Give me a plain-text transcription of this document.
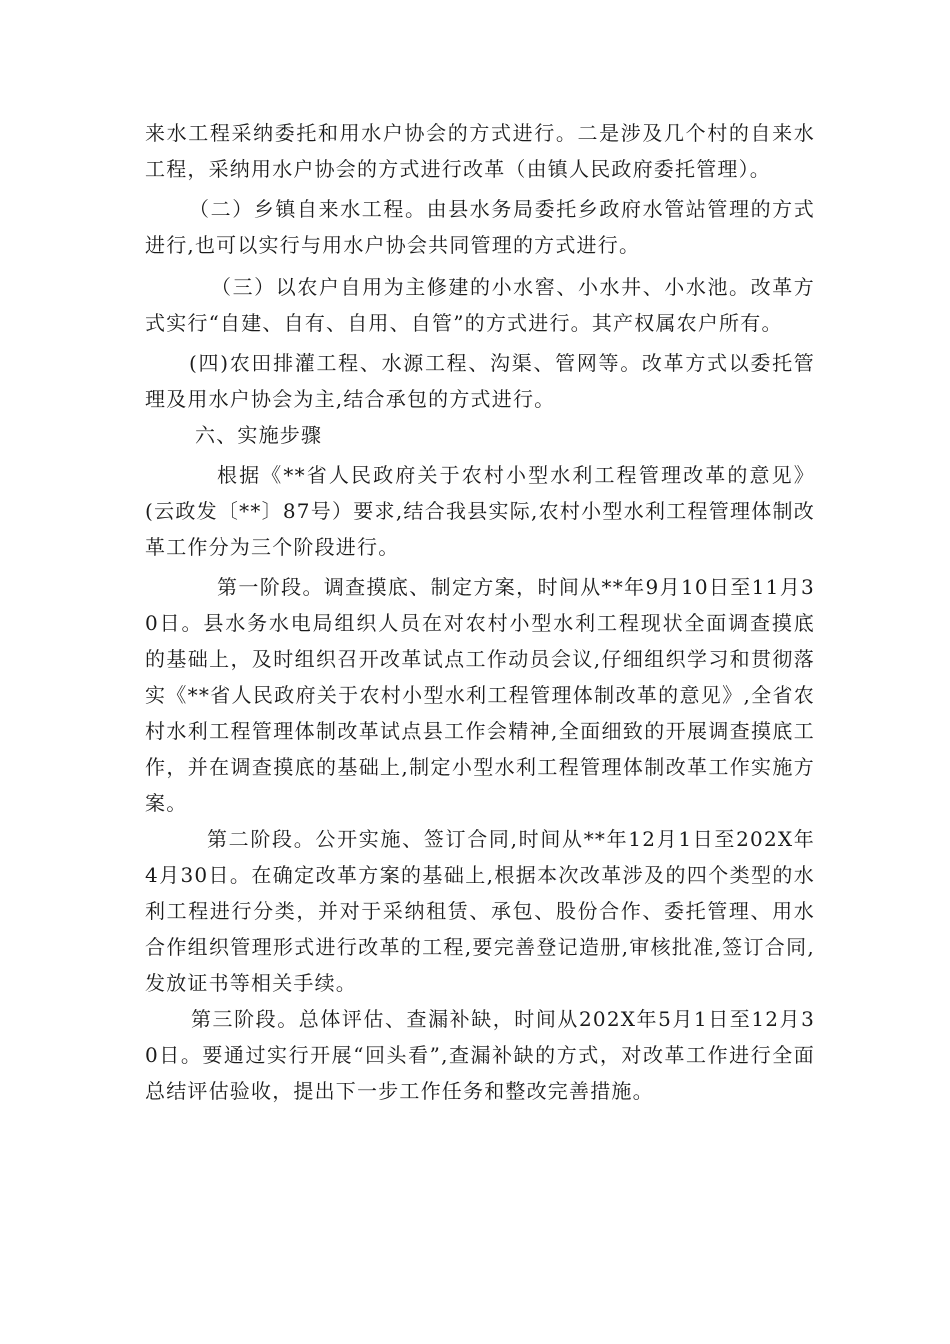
来水工程采纳委托和用水户协会的方式进行。二是涉及几个村的自来水工程，采纳用水户协会的方式进行改革（由镇人民政府委托管理）。

（二）乡镇自来水工程。由县水务局委托乡政府水管站管理的方式进行,也可以实行与用水户协会共同管理的方式进行。

（三）以农户自用为主修建的小水窖、小水井、小水池。改革方式实行“自建、自有、自用、自管”的方式进行。其产权属农户所有。

(四)农田排灌工程、水源工程、沟渠、管网等。改革方式以委托管理及用水户协会为主,结合承包的方式进行。

六、实施步骤

根据《**省人民政府关于农村小型水利工程管理改革的意见》(云政发〔**〕87号）要求,结合我县实际,农村小型水利工程管理体制改革工作分为三个阶段进行。

第一阶段。调查摸底、制定方案，时间从**年9月10日至11月30日。县水务水电局组织人员在对农村小型水利工程现状全面调查摸底的基础上，及时组织召开改革试点工作动员会议,仔细组织学习和贯彻落实《**省人民政府关于农村小型水利工程管理体制改革的意见》,全省农村水利工程管理体制改革试点县工作会精神,全面细致的开展调查摸底工作，并在调查摸底的基础上,制定小型水利工程管理体制改革工作实施方案。

第二阶段。公开实施、签订合同,时间从**年12月1日至202X年4月30日。在确定改革方案的基础上,根据本次改革涉及的四个类型的水利工程进行分类，并对于采纳租赁、承包、股份合作、委托管理、用水合作组织管理形式进行改革的工程,要完善登记造册,审核批准,签订合同,发放证书等相关手续。

第三阶段。总体评估、查漏补缺，时间从202X年5月1日至12月30日。要通过实行开展“回头看”,查漏补缺的方式，对改革工作进行全面总结评估验收，提出下一步工作任务和整改完善措施。
